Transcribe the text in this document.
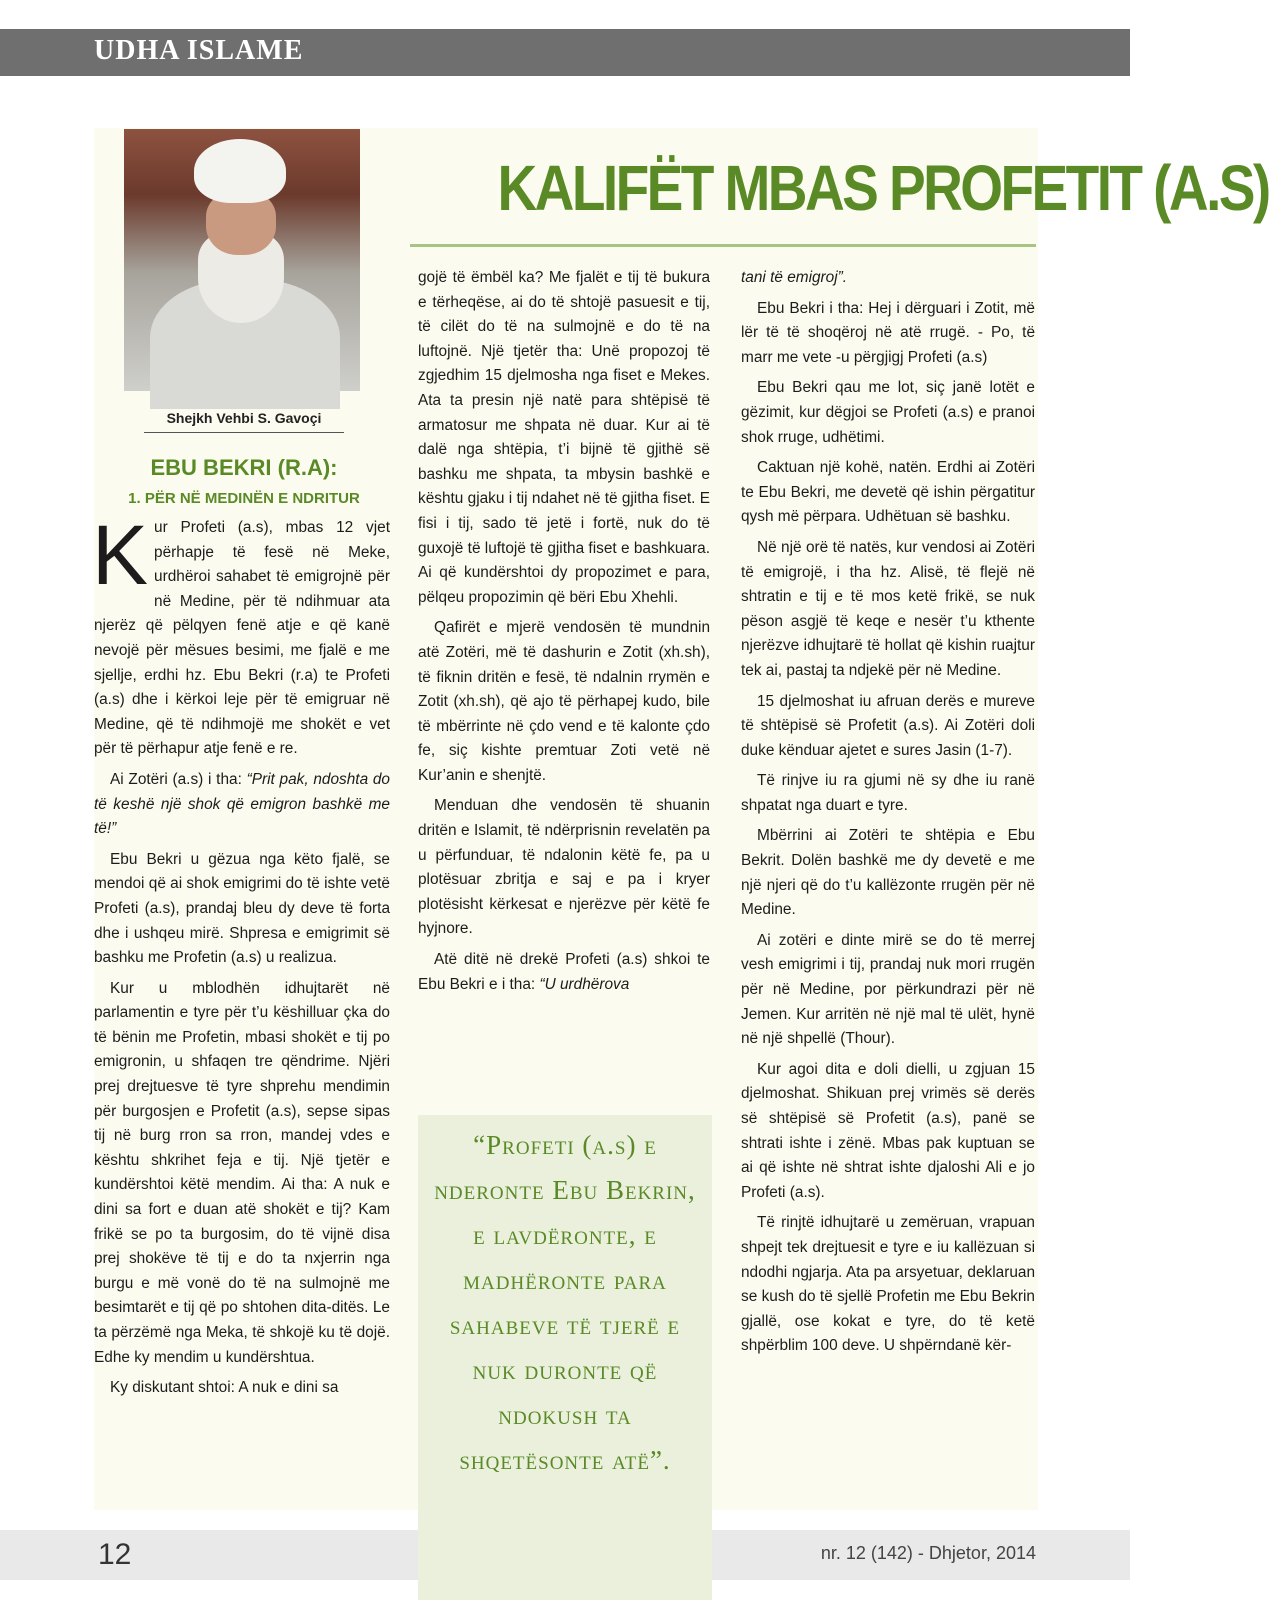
UDHA ISLAME
Shejkh Vehbi S. Gavoçi
KALIFËT MBAS PROFETIT (A.S)
EBU BEKRI (R.A):
1. PËR NË MEDINËN E NDRITUR

Kur Profeti (a.s), mbas 12 vjet përhapje të fesë në Meke, urdhëroi sahabet të emigrojnë për në Medine, për të ndihmuar ata njerëz që pëlqyen fenë atje e që kanë nevojë për mësues besimi, me fjalë e me sjellje, erdhi hz. Ebu Bekri (r.a) te Profeti (a.s) dhe i kërkoi leje për të emigruar në Medine, që të ndihmojë me shokët e vet për të përhapur atje fenë e re.

Ai Zotëri (a.s) i tha: “Prit pak, ndoshta do të keshë një shok që emigron bashkë me të!”

Ebu Bekri u gëzua nga këto fjalë, se mendoi që ai shok emigrimi do të ishte vetë Profeti (a.s), prandaj bleu dy deve të forta dhe i ushqeu mirë. Shpresa e emigrimit së bashku me Profetin (a.s) u realizua.

Kur u mblodhën idhujtarët në parlamentin e tyre për t’u këshilluar çka do të bënin me Profetin, mbasi shokët e tij po emigronin, u shfaqen tre qëndrime. Njëri prej drejtuesve të tyre shprehu mendimin për burgosjen e Profetit (a.s), sepse sipas tij në burg rron sa rron, mandej vdes e kështu shkrihet feja e tij. Një tjetër e kundërshtoi këtë mendim. Ai tha: A nuk e dini sa fort e duan atë shokët e tij? Kam frikë se po ta burgosim, do të vijnë disa prej shokëve të tij e do ta nxjerrin nga burgu e më vonë do të na sulmojnë me besimtarët e tij që po shtohen dita-ditës. Le ta përzëmë nga Meka, të shkojë ku të dojë. Edhe ky mendim u kundërshtua.

Ky diskutant shtoi: A nuk e dini sa

gojë të ëmbël ka? Me fjalët e tij të bukura e tërheqëse, ai do të shtojë pasuesit e tij, të cilët do të na sulmojnë e do të na luftojnë. Një tjetër tha: Unë propozoj të zgjedhim 15 djelmosha nga fiset e Mekes. Ata ta presin një natë para shtëpisë të armatosur me shpata në duar. Kur ai të dalë nga shtëpia, t’i bijnë të gjithë së bashku me shpata, ta mbysin bashkë e kështu gjaku i tij ndahet në të gjitha fiset. E fisi i tij, sado të jetë i fortë, nuk do të guxojë të luftojë të gjitha fiset e bashkuara. Ai që kundërshtoi dy propozimet e para, pëlqeu propozimin që bëri Ebu Xhehli.

Qafirët e mjerë vendosën të mundnin atë Zotëri, më të dashurin e Zotit (xh.sh), të fiknin dritën e fesë, të ndalnin rrymën e Zotit (xh.sh), që ajo të përhapej kudo, bile të mbërrinte në çdo vend e të kalonte çdo fe, siç kishte premtuar Zoti vetë në Kur’anin e shenjtë.

Menduan dhe vendosën të shuanin dritën e Islamit, të ndërprisnin revelatën pa u përfunduar, të ndalonin këtë fe, pa u plotësuar zbritja e saj e pa i kryer plotësisht kërkesat e njerëzve për këtë fe hyjnore.

Atë ditë në drekë Profeti (a.s) shkoi te Ebu Bekri e i tha: “U urdhërova

tani të emigroj”.

Ebu Bekri i tha: Hej i dërguari i Zotit, më lër të të shoqëroj në atë rrugë. - Po, të marr me vete -u përgjigj Profeti (a.s)

Ebu Bekri qau me lot, siç janë lotët e gëzimit, kur dëgjoi se Profeti (a.s) e pranoi shok rruge, udhëtimi.

Caktuan një kohë, natën. Erdhi ai Zotëri te Ebu Bekri, me devetë që ishin përgatitur qysh më përpara. Udhëtuan së bashku.

Në një orë të natës, kur vendosi ai Zotëri të emigrojë, i tha hz. Alisë, të flejë në shtratin e tij e të mos ketë frikë, se nuk pëson asgjë të keqe e nesër t’u kthente njerëzve idhujtarë të hollat që kishin ruajtur tek ai, pastaj ta ndjekë për në Medine.

15 djelmoshat iu afruan derës e mureve të shtëpisë së Profetit (a.s). Ai Zotëri doli duke kënduar ajetet e sures Jasin (1-7).

Të rinjve iu ra gjumi në sy dhe iu ranë shpatat nga duart e tyre.

Mbërrini ai Zotëri te shtëpia e Ebu Bekrit. Dolën bashkë me dy devetë e me një njeri që do t’u kallëzonte rrugën për në Medine.

Ai zotëri e dinte mirë se do të merrej vesh emigrimi i tij, prandaj nuk mori rrugën për në Medine, por përkundrazi për në Jemen. Kur arritën në një mal të ulët, hynë në një shpellë (Thour).

Kur agoi dita e doli dielli, u zgjuan 15 djelmoshat. Shikuan prej vrimës së derës së shtëpisë së Profetit (a.s), panë se shtrati ishte i zënë. Mbas pak kuptuan se ai që ishte në shtrat ishte djaloshi Ali e jo Profeti (a.s).

Të rinjtë idhujtarë u zemëruan, vrapuan shpejt tek drejtuesit e tyre e iu kallëzuan si ndodhi ngjarja. Ata pa arsyetuar, deklaruan se kush do të sjellë Profetin me Ebu Bekrin gjallë, ose kokat e tyre, do të ketë shpërblim 100 deve. U shpërndanë kër-

12	nr. 12 (142) - Dhjetor, 2014
“Profeti (a.s) e nderonte Ebu Bekrin, e lavdëronte, e madhëronte para sahabeve të tjerë e nuk duronte që ndokush ta shqetësonte atë”.
